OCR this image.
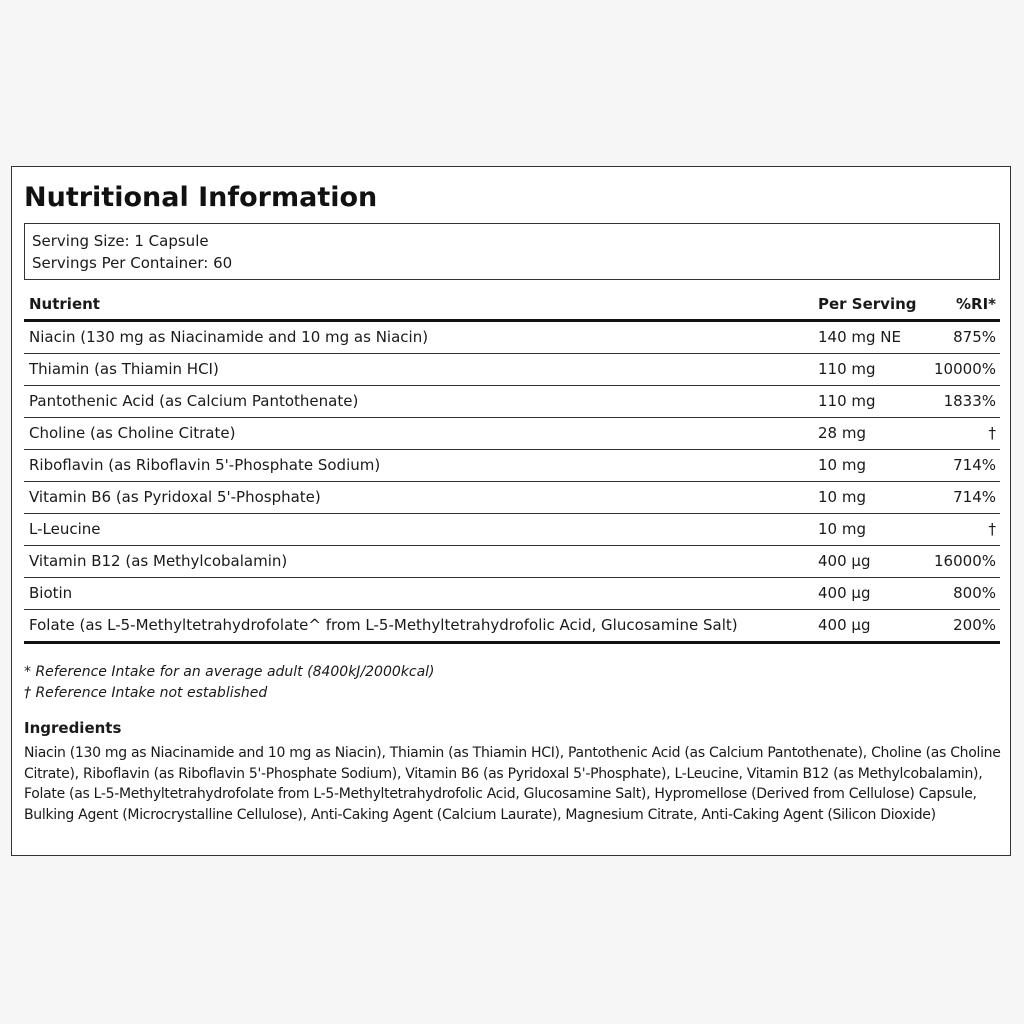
Nutritional Information
Serving Size: 1 Capsule
Servings Per Container: 60
Nutrient	Per Serving	%RI*
Niacin (130 mg as Niacinamide and 10 mg as Niacin)	140 mg NE	875%
Thiamin (as Thiamin HCI)	110 mg	10000%
Pantothenic Acid (as Calcium Pantothenate)	110 mg	1833%
Choline (as Choline Citrate)	28 mg	†
Riboflavin (as Riboflavin 5'-Phosphate Sodium)	10 mg	714%
Vitamin B6 (as Pyridoxal 5'-Phosphate)	10 mg	714%
L-Leucine	10 mg	†
Vitamin B12 (as Methylcobalamin)	400 µg	16000%
Biotin	400 µg	800%
Folate (as L-5-Methyltetrahydrofolate^ from L-5-Methyltetrahydrofolic Acid, Glucosamine Salt)	400 µg	200%
* Reference Intake for an average adult (8400kJ/2000kcal)
† Reference Intake not established
Ingredients

Niacin (130 mg as Niacinamide and 10 mg as Niacin), Thiamin (as Thiamin HCI), Pantothenic Acid (as Calcium Pantothenate), Choline (as Choline Citrate), Riboflavin (as Riboflavin 5'-Phosphate Sodium), Vitamin B6 (as Pyridoxal 5'-Phosphate), L-Leucine, Vitamin B12 (as Methylcobalamin), Folate (as L-5-Methyltetrahydrofolate from L-5-Methyltetrahydrofolic Acid, Glucosamine Salt), Hypromellose (Derived from Cellulose) Capsule, Bulking Agent (Microcrystalline Cellulose), Anti-Caking Agent (Calcium Laurate), Magnesium Citrate, Anti-Caking Agent (Silicon Dioxide)
